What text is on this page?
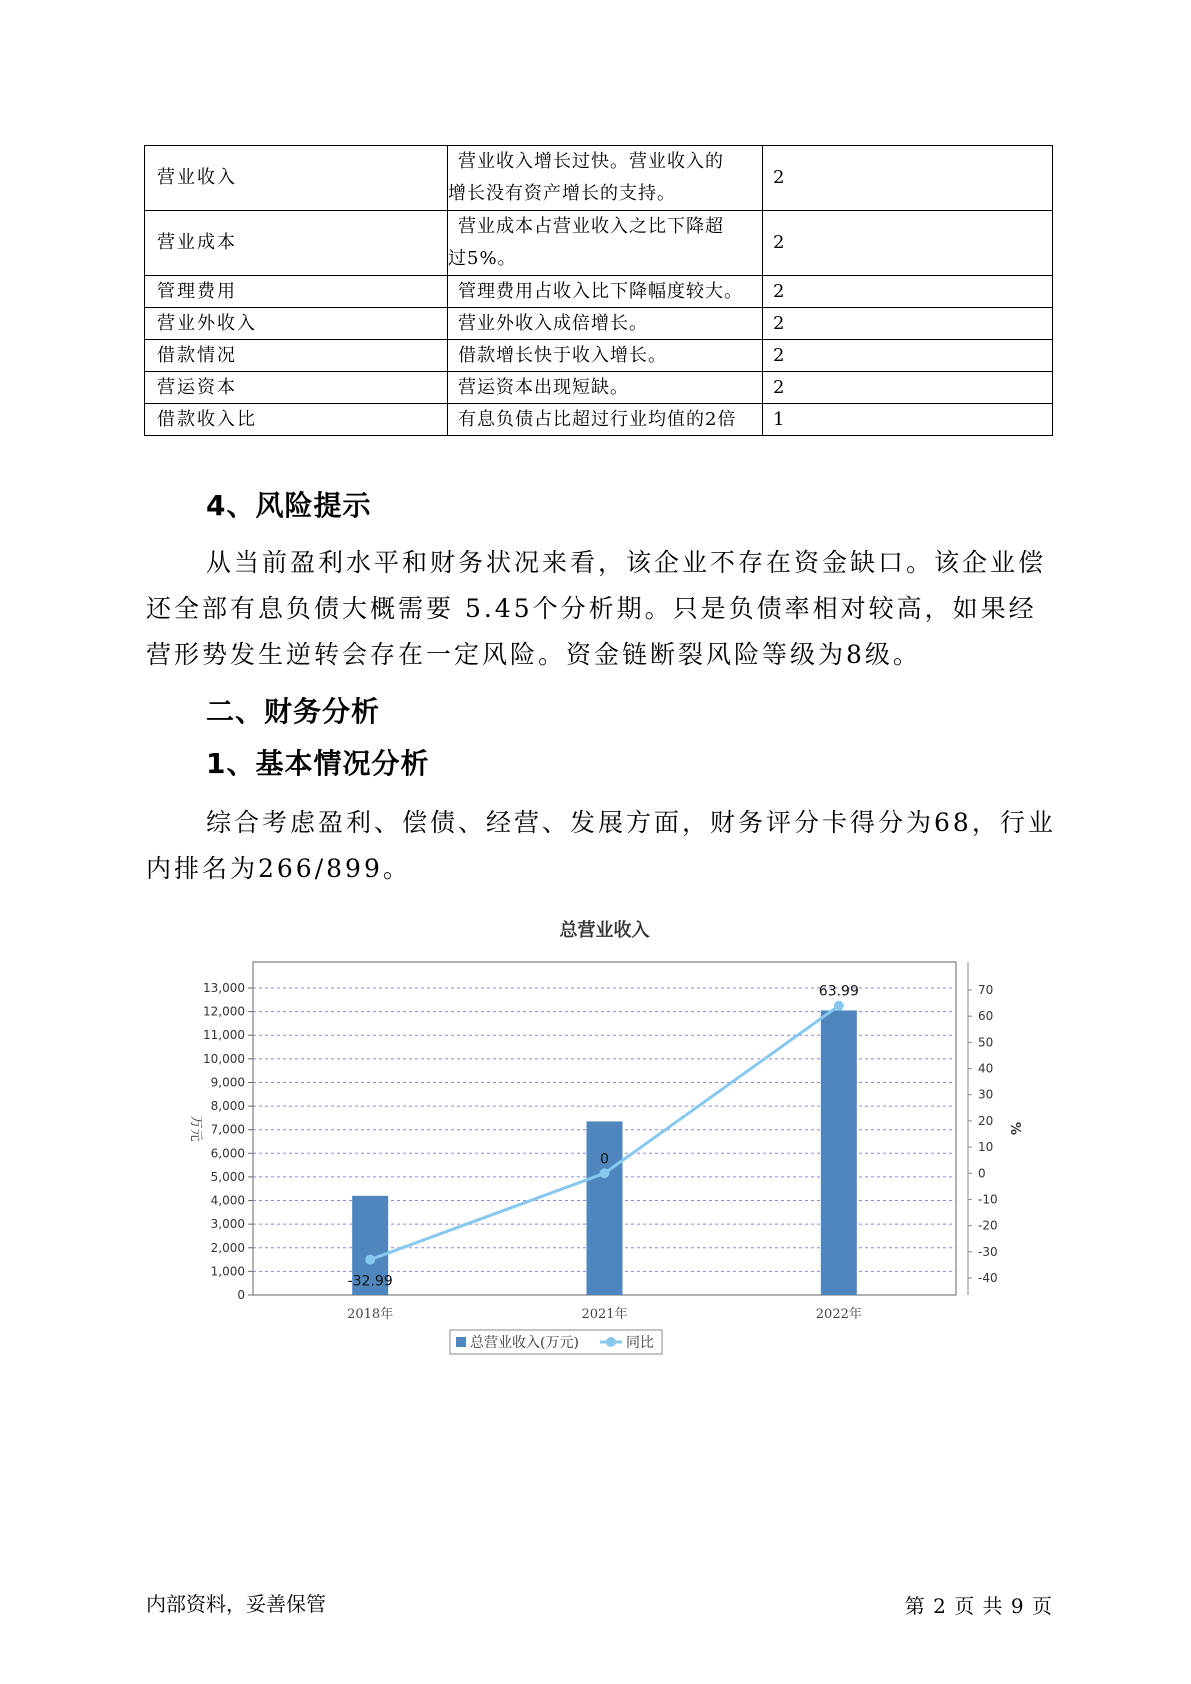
营业收入	营业收入增长过快。营业收入的
增长没有资产增长的支持。	2
营业成本	营业成本占营业收入之比下降超
过5%。	2
管理费用	管理费用占收入比下降幅度较大。	2
营业外收入	营业外收入成倍增长。	2
借款情况	借款增长快于收入增长。	2
营运资本	营运资本出现短缺。	2
借款收入比	有息负债占比超过行业均值的2倍	1
4、风险提示

从当前盈利水平和财务状况来看，该企业不存在资金缺口。该企业偿还全部有息负债大概需要 5.45个分析期。只是负债率相对较高，如果经营形势发生逆转会存在一定风险。资金链断裂风险等级为8级。

二、财务分析
1、基本情况分析

综合考虑盈利、偿债、经营、发展方面，财务评分卡得分为68，行业内排名为266/899。

总营业收入
0
1,000
2,000
3,000
4,000
5,000
6,000
7,000
8,000
9,000
10,000
11,000
12,000
13,000
-40
-30
-20
-10
0
10
20
30
40
50
60
70
万元	%
2018年	2021年	2022年
-32.99
0
63.99
总营业收入(万元)	同比
内部资料，妥善保管	第 2 页 共 9 页
